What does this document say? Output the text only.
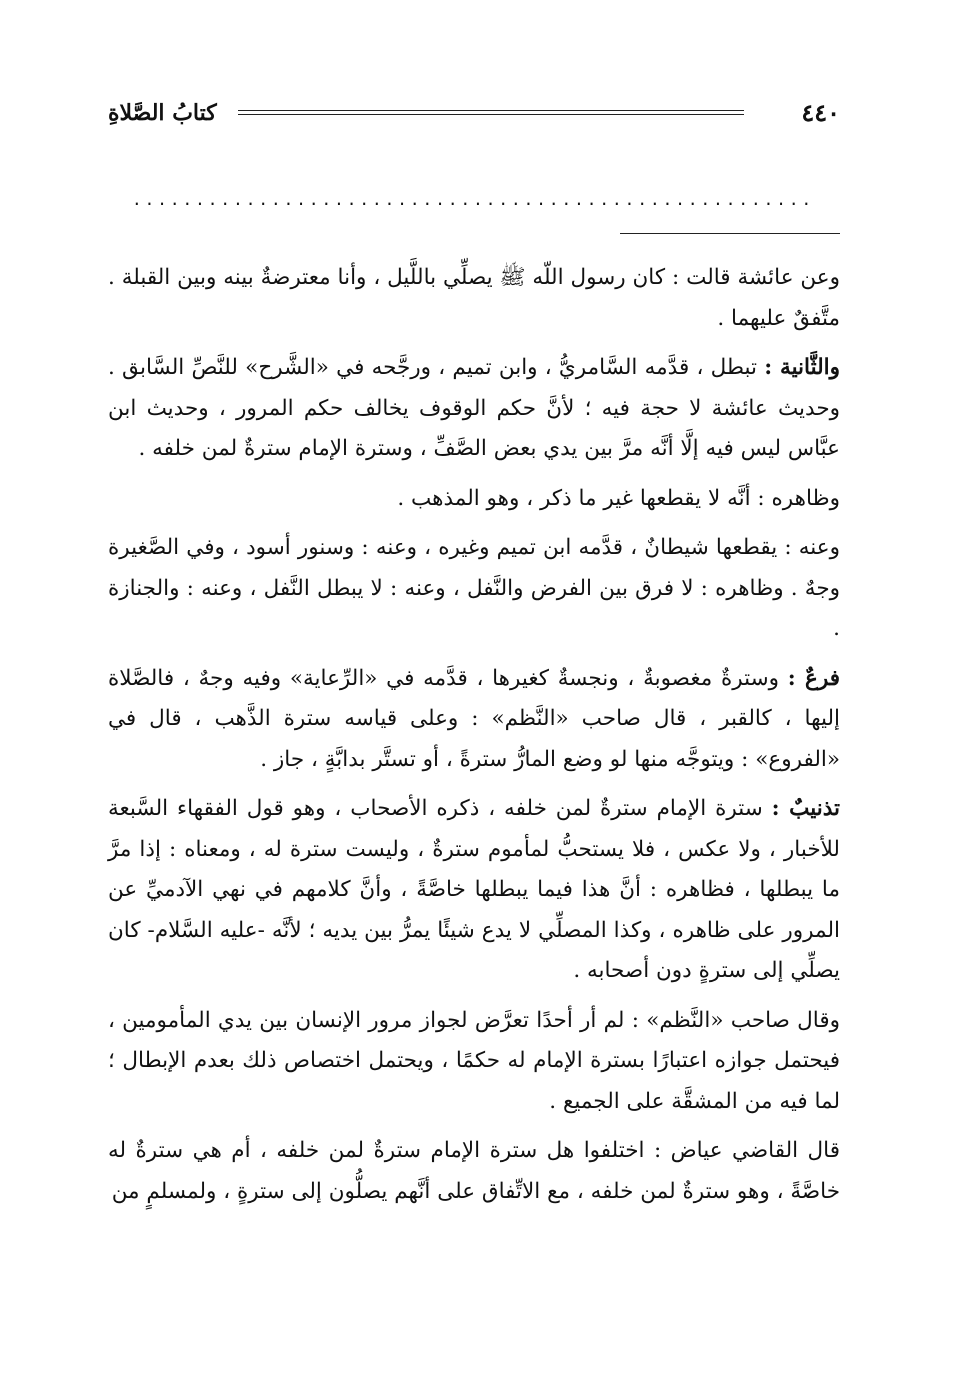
٤٤٠
كتابُ الصَّلاةِ
......................................................

وعن عائشة قالت : كان رسول اللّه ﷺ يصلِّي باللَّيل ، وأنا معترضةٌ بينه وبين القبلة . متَّفقٌ عليهما .

والثَّانية : تبطل ، قدَّمه السَّامريُّ ، وابن تميم ، ورجَّحه في «الشَّرح» للنَّصِّ السَّابق . وحديث عائشة لا حجة فيه ؛ لأنَّ حكم الوقوف يخالف حكم المرور ، وحديث ابن عبَّاس ليس فيه إلَّا أنَّه مرَّ بين يدي بعض الصَّفِّ ، وسترة الإمام سترةٌ لمن خلفه .

وظاهره : أنَّه لا يقطعها غير ما ذكر ، وهو المذهب .

وعنه : يقطعها شيطانٌ ، قدَّمه ابن تميم وغيره ، وعنه : وسنور أسود ، وفي الصَّغيرة وجهٌ . وظاهره : لا فرق بين الفرض والنَّفل ، وعنه : لا يبطل النَّفل ، وعنه : والجنازة .

فرعٌ : وسترةٌ مغصوبةٌ ، ونجسةٌ كغيرها ، قدَّمه في «الرِّعاية» وفيه وجهٌ ، فالصَّلاة إليها ، كالقبر ، قال صاحب «النَّظم» : وعلى قياسه سترة الذَّهب ، قال في «الفروع» : ويتوجَّه منها لو وضع المارُّ سترةً ، أو تستَّر بدابَّةٍ ، جاز .

تذنيبٌ : سترة الإمام سترةٌ لمن خلفه ، ذكره الأصحاب ، وهو قول الفقهاء السَّبعة للأخبار ، ولا عكس ، فلا يستحبُّ لمأموم سترةٌ ، وليست سترة له ، ومعناه : إذا مرَّ ما يبطلها ، فظاهره : أنَّ هذا فيما يبطلها خاصَّةً ، وأنَّ كلامهم في نهي الآدميِّ عن المرور على ظاهره ، وكذا المصلِّي لا يدع شيئًا يمرُّ بين يديه ؛ لأنَّه -عليه السَّلام- كان يصلِّي إلى سترةٍ دون أصحابه .

وقال صاحب «النَّظم» : لم أر أحدًا تعرَّض لجواز مرور الإنسان بين يدي المأمومين ، فيحتمل جوازه اعتبارًا بسترة الإمام له حكمًا ، ويحتمل اختصاص ذلك بعدم الإبطال ؛ لما فيه من المشقَّة على الجميع .

قال القاضي عياض : اختلفوا هل سترة الإمام سترةٌ لمن خلفه ، أم هي سترةٌ له خاصَّةً ، وهو سترةٌ لمن خلفه ، مع الاتِّفاق على أنَّهم يصلُّون إلى سترةٍ ، ولمسلمٍ من
